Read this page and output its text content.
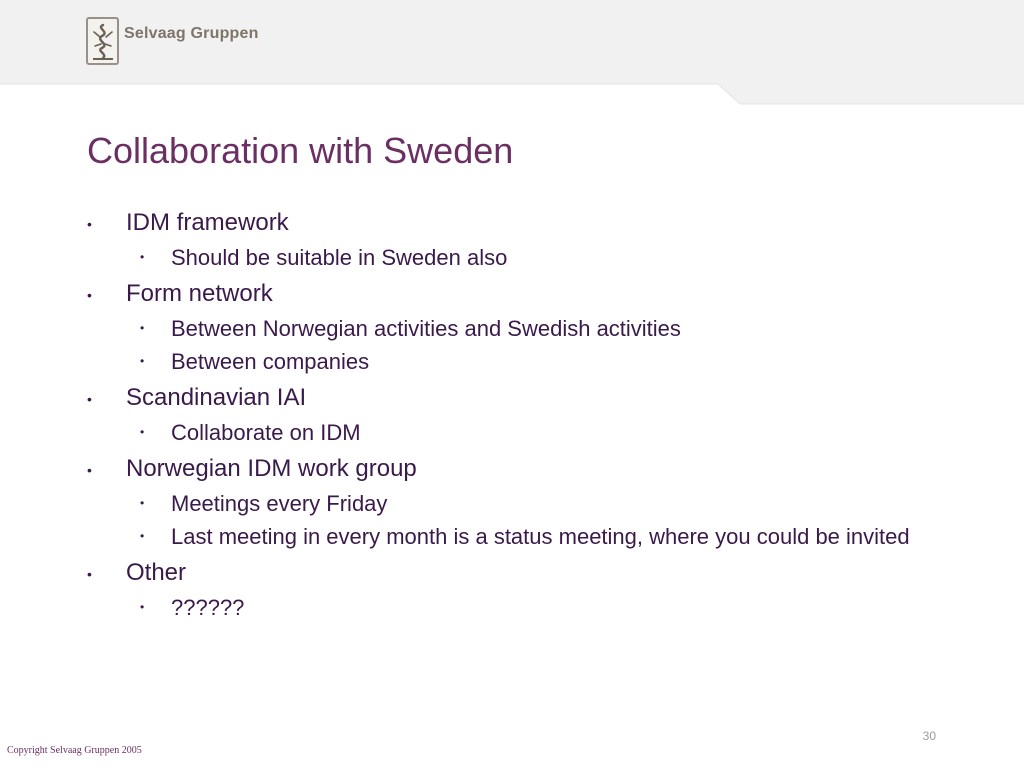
Selvaag Gruppen
Collaboration with Sweden
• IDM framework
• Should be suitable in Sweden also
• Form network
• Between Norwegian activities and Swedish activities
• Between companies
• Scandinavian IAI
• Collaborate on IDM
• Norwegian IDM work group
• Meetings every Friday
• Last meeting in every month is a status meeting, where you could be invited
• Other
• ??????
30
Copyright Selvaag Gruppen 2005
